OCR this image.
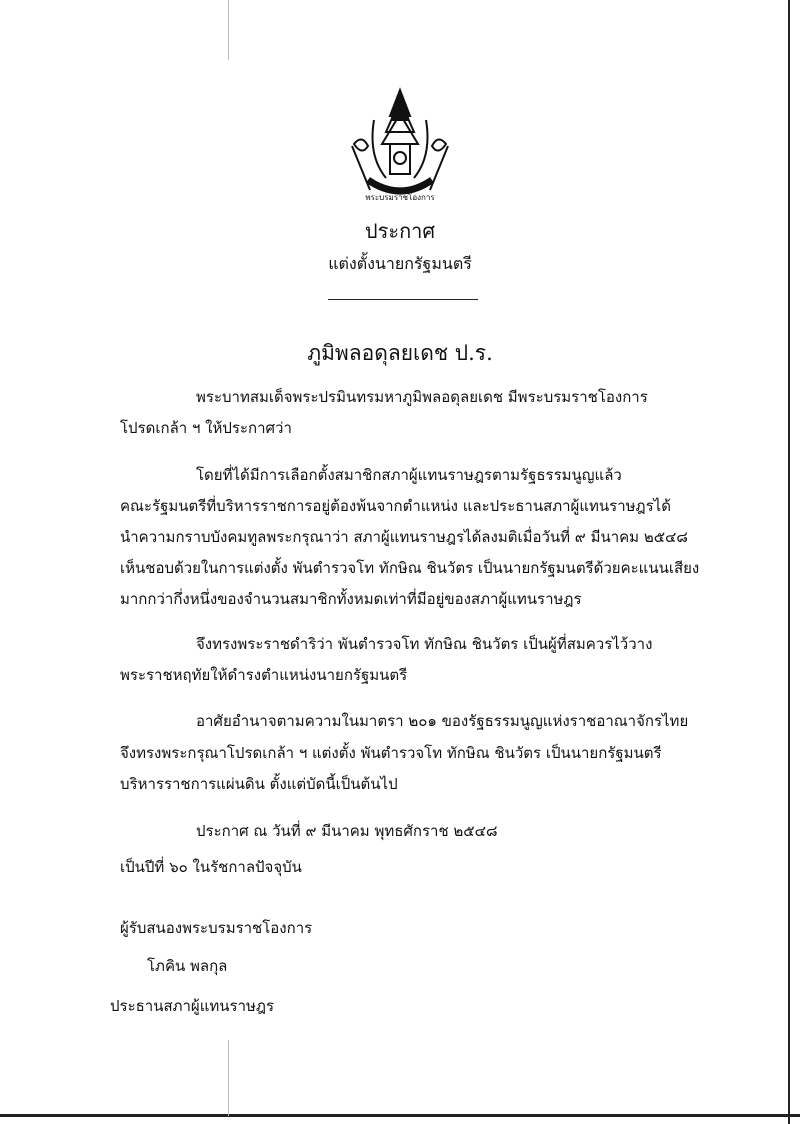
พระบรมราชโองการ

ประกาศ

แต่งตั้งนายกรัฐมนตรี

ภูมิพลอดุลยเดช ป.ร.

พระบาทสมเด็จพระปรมินทรมหาภูมิพลอดุลยเดช มีพระบรมราชโองการ

โปรดเกล้า ฯ ให้ประกาศว่า

โดยที่ได้มีการเลือกตั้งสมาชิกสภาผู้แทนราษฎรตามรัฐธรรมนูญแล้ว

คณะรัฐมนตรีที่บริหารราชการอยู่ต้องพ้นจากตำแหน่ง และประธานสภาผู้แทนราษฎรได้

นำความกราบบังคมทูลพระกรุณาว่า สภาผู้แทนราษฎรได้ลงมติเมื่อวันที่ ๙ มีนาคม ๒๕๔๘

เห็นชอบด้วยในการแต่งตั้ง พันตำรวจโท ทักษิณ ชินวัตร เป็นนายกรัฐมนตรีด้วยคะแนนเสียง

มากกว่ากึ่งหนึ่งของจำนวนสมาชิกทั้งหมดเท่าที่มีอยู่ของสภาผู้แทนราษฎร

จึงทรงพระราชดำริว่า พันตำรวจโท ทักษิณ ชินวัตร เป็นผู้ที่สมควรไว้วาง

พระราชหฤทัยให้ดำรงตำแหน่งนายกรัฐมนตรี

อาศัยอำนาจตามความในมาตรา ๒๐๑ ของรัฐธรรมนูญแห่งราชอาณาจักรไทย

จึงทรงพระกรุณาโปรดเกล้า ฯ แต่งตั้ง พันตำรวจโท ทักษิณ ชินวัตร เป็นนายกรัฐมนตรี

บริหารราชการแผ่นดิน ตั้งแต่บัดนี้เป็นต้นไป

ประกาศ ณ วันที่ ๙ มีนาคม พุทธศักราช ๒๕๔๘

เป็นปีที่ ๖๐ ในรัชกาลปัจจุบัน

ผู้รับสนองพระบรมราชโองการ

โภคิน พลกุล

ประธานสภาผู้แทนราษฎร
